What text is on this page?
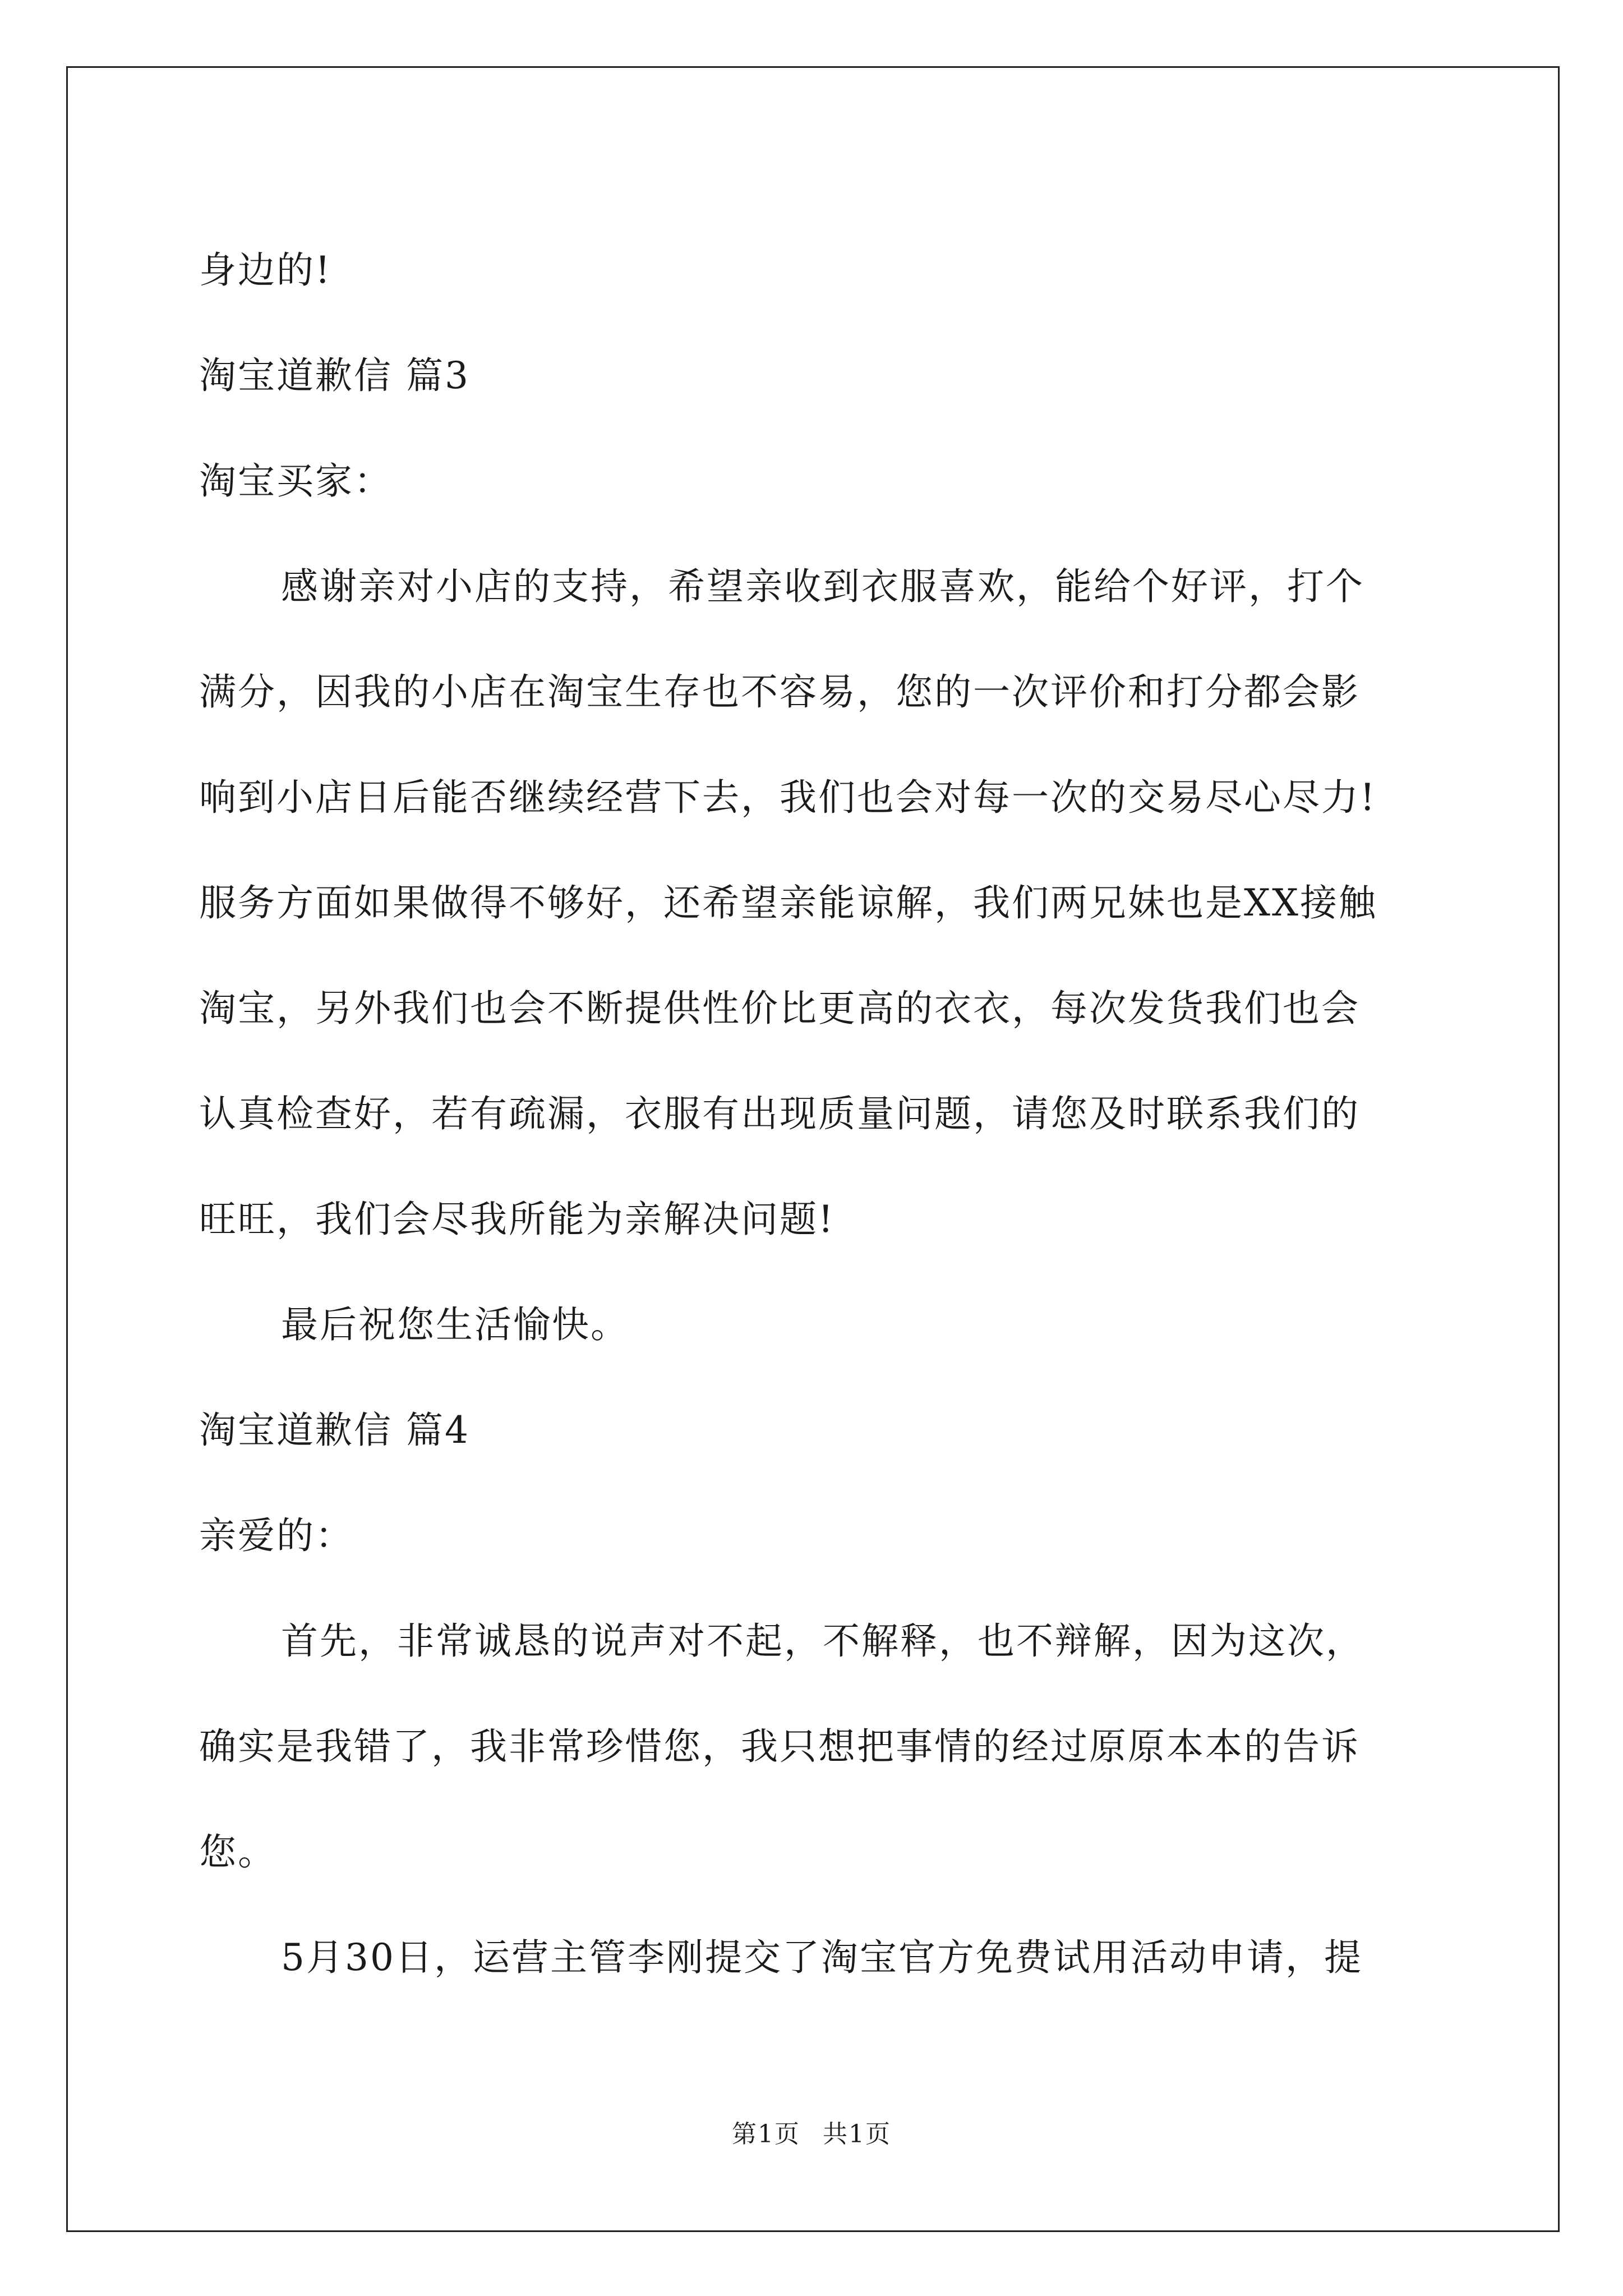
身边的!
淘宝道歉信 篇3
淘宝买家：
感谢亲对小店的支持，希望亲收到衣服喜欢，能给个好评，打个
满分，因我的小店在淘宝生存也不容易，您的一次评价和打分都会影
响到小店日后能否继续经营下去，我们也会对每一次的交易尽心尽力!
服务方面如果做得不够好，还希望亲能谅解，我们两兄妹也是XX接触
淘宝，另外我们也会不断提供性价比更高的衣衣，每次发货我们也会
认真检查好，若有疏漏，衣服有出现质量问题，请您及时联系我们的
旺旺，我们会尽我所能为亲解决问题!
最后祝您生活愉快。
淘宝道歉信 篇4
亲爱的：
首先，非常诚恳的说声对不起，不解释，也不辩解，因为这次，
确实是我错了，我非常珍惜您，我只想把事情的经过原原本本的告诉
您。
5月30日，运营主管李刚提交了淘宝官方免费试用活动申请，提
第1页 共1页
